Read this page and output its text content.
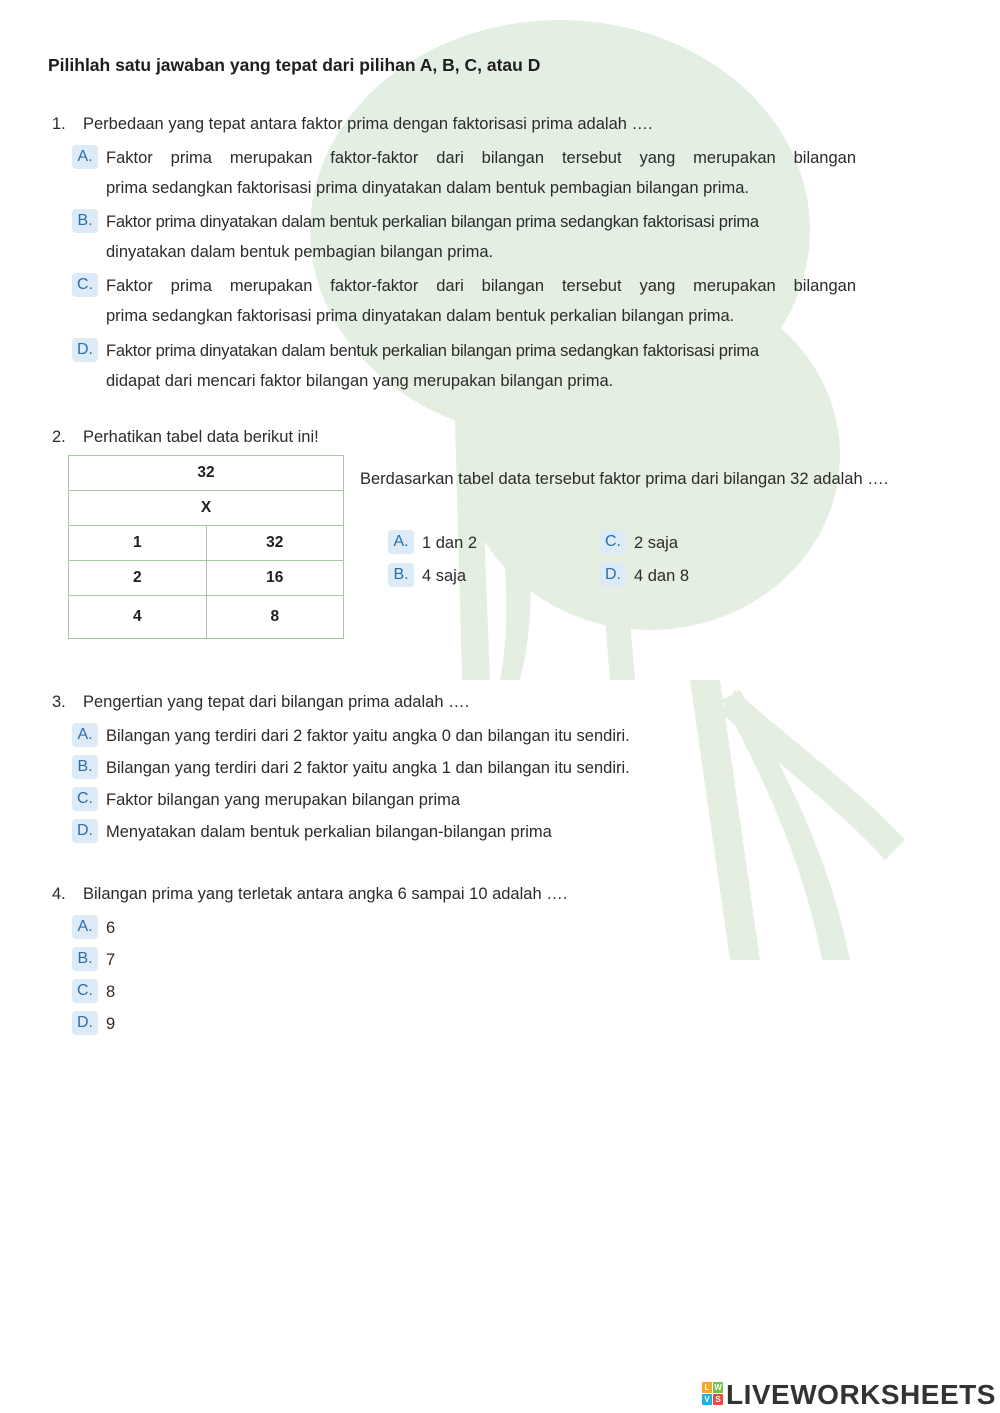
Pilihlah satu jawaban yang tepat dari pilihan A, B, C, atau D
1. Perbedaan yang tepat antara faktor prima dengan faktorisasi prima adalah ….
A. Faktor prima merupakan faktor-faktor dari bilangan tersebut yang merupakan bilangan
prima sedangkan faktorisasi prima dinyatakan dalam bentuk pembagian bilangan prima.
B. Faktor prima dinyatakan dalam bentuk perkalian bilangan prima sedangkan faktorisasi prima
dinyatakan dalam bentuk pembagian bilangan prima.
C. Faktor prima merupakan faktor-faktor dari bilangan tersebut yang merupakan bilangan
prima sedangkan faktorisasi prima dinyatakan dalam bentuk perkalian bilangan prima.
D. Faktor prima dinyatakan dalam bentuk perkalian bilangan prima sedangkan faktorisasi prima
didapat dari mencari faktor bilangan yang merupakan bilangan prima.
2. Perhatikan tabel data berikut ini!
32	
X	
1	32
2	16
4	8
Berdasarkan tabel data tersebut faktor prima dari bilangan 32 adalah ….
A. 1 dan 2
B. 4 saja
C. 2 saja
D. 4 dan 8
3. Pengertian yang tepat dari bilangan prima adalah ….
A. Bilangan yang terdiri dari 2 faktor yaitu angka 0 dan bilangan itu sendiri.
B. Bilangan yang terdiri dari 2 faktor yaitu angka 1 dan bilangan itu sendiri.
C. Faktor bilangan yang merupakan bilangan prima
D. Menyatakan dalam bentuk perkalian bilangan-bilangan prima
4. Bilangan prima yang terletak antara angka 6 sampai 10 adalah ….
A. 6
B. 7
C. 8
D. 9
L W
V S LIVEWORKSHEETS
